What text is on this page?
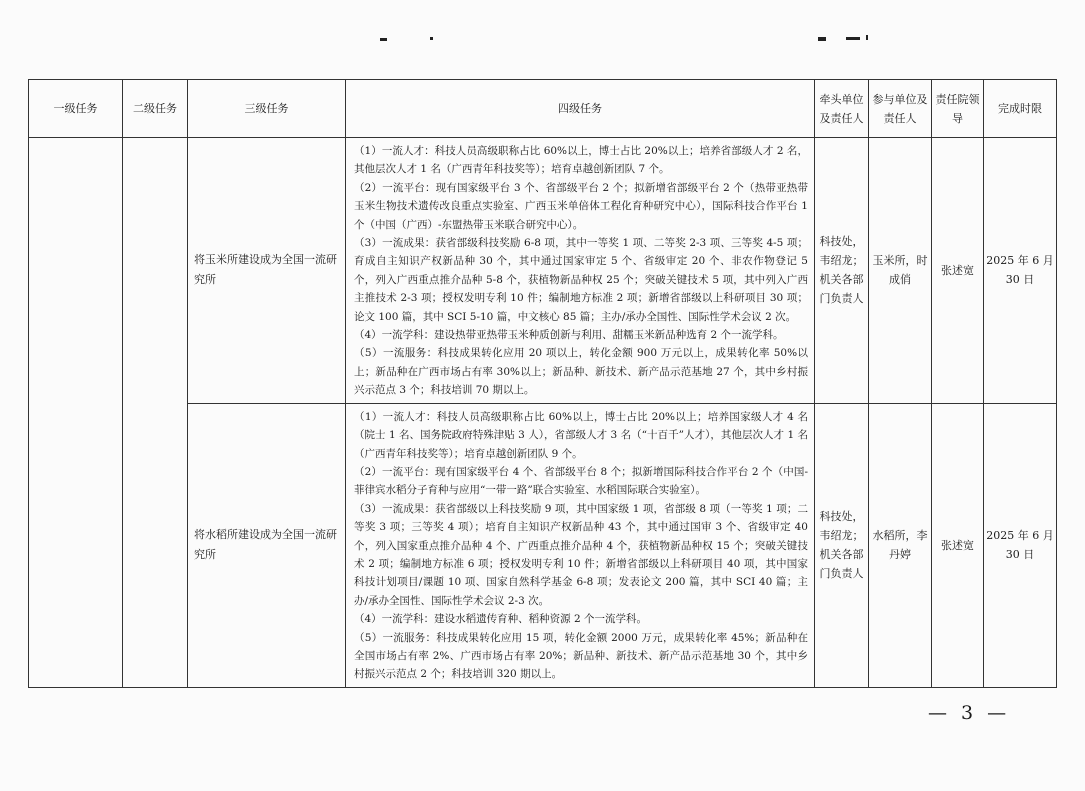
一级任务	二级任务	三级任务	四级任务	牵头单位及责任人	参与单位及责任人	责任院领导	完成时限
		将玉米所建设成为全国一流研究所	（1）一流人才：科技人员高级职称占比 60%以上，博士占比 20%以上；培养省部级人才 2 名，其他层次人才 1 名（广西青年科技奖等）；培育卓越创新团队 7 个。

（2）一流平台：现有国家级平台 3 个、省部级平台 2 个；拟新增省部级平台 2 个（热带亚热带玉米生物技术遗传改良重点实验室、广西玉米单倍体工程化育种研究中心），国际科技合作平台 1 个（中国（广西）-东盟热带玉米联合研究中心）。

（3）一流成果：获省部级科技奖励 6-8 项，其中一等奖 1 项、二等奖 2-3 项、三等奖 4-5 项；育成自主知识产权新品种 30 个，其中通过国家审定 5 个、省级审定 20 个、非农作物登记 5 个，列入广西重点推介品种 5-8 个，获植物新品种权 25 个；突破关键技术 5 项，其中列入广西主推技术 2-3 项；授权发明专利 10 件；编制地方标准 2 项；新增省部级以上科研项目 30 项；论文 100 篇，其中 SCI 5-10 篇，中文核心 85 篇；主办/承办全国性、国际性学术会议 2 次。

（4）一流学科：建设热带亚热带玉米种质创新与利用、甜糯玉米新品种选育 2 个一流学科。

（5）一流服务：科技成果转化应用 20 项以上，转化金额 900 万元以上，成果转化率 50%以上；新品种在广西市场占有率 30%以上；新品种、新技术、新产品示范基地 27 个，其中乡村振兴示范点 3 个；科技培训 70 期以上。	科技处，韦绍龙；机关各部门负责人	玉米所，时成俏	张述宽	2025 年 6 月 30 日
		将水稻所建设成为全国一流研究所	（1）一流人才：科技人员高级职称占比 60%以上，博士占比 20%以上；培养国家级人才 4 名（院士 1 名、国务院政府特殊津贴 3 人），省部级人才 3 名（“十百千”人才），其他层次人才 1 名（广西青年科技奖等）；培育卓越创新团队 9 个。

（2）一流平台：现有国家级平台 4 个、省部级平台 8 个；拟新增国际科技合作平台 2 个（中国-菲律宾水稻分子育种与应用“一带一路”联合实验室、水稻国际联合实验室）。

（3）一流成果：获省部级以上科技奖励 9 项，其中国家级 1 项，省部级 8 项（一等奖 1 项；二等奖 3 项；三等奖 4 项）；培育自主知识产权新品种 43 个，其中通过国审 3 个、省级审定 40 个，列入国家重点推介品种 4 个、广西重点推介品种 4 个，获植物新品种权 15 个；突破关键技术 2 项；编制地方标准 6 项；授权发明专利 10 件；新增省部级以上科研项目 40 项，其中国家科技计划项目/课题 10 项、国家自然科学基金 6-8 项；发表论文 200 篇，其中 SCI 40 篇；主办/承办全国性、国际性学术会议 2-3 次。

（4）一流学科：建设水稻遗传育种、稻种资源 2 个一流学科。

（5）一流服务：科技成果转化应用 15 项，转化金额 2000 万元，成果转化率 45%；新品种在全国市场占有率 2%、广西市场占有率 20%；新品种、新技术、新产品示范基地 30 个，其中乡村振兴示范点 2 个；科技培训 320 期以上。	科技处，韦绍龙；机关各部门负责人	水稻所，李丹婷	张述宽	2025 年 6 月 30 日
— 3 —
